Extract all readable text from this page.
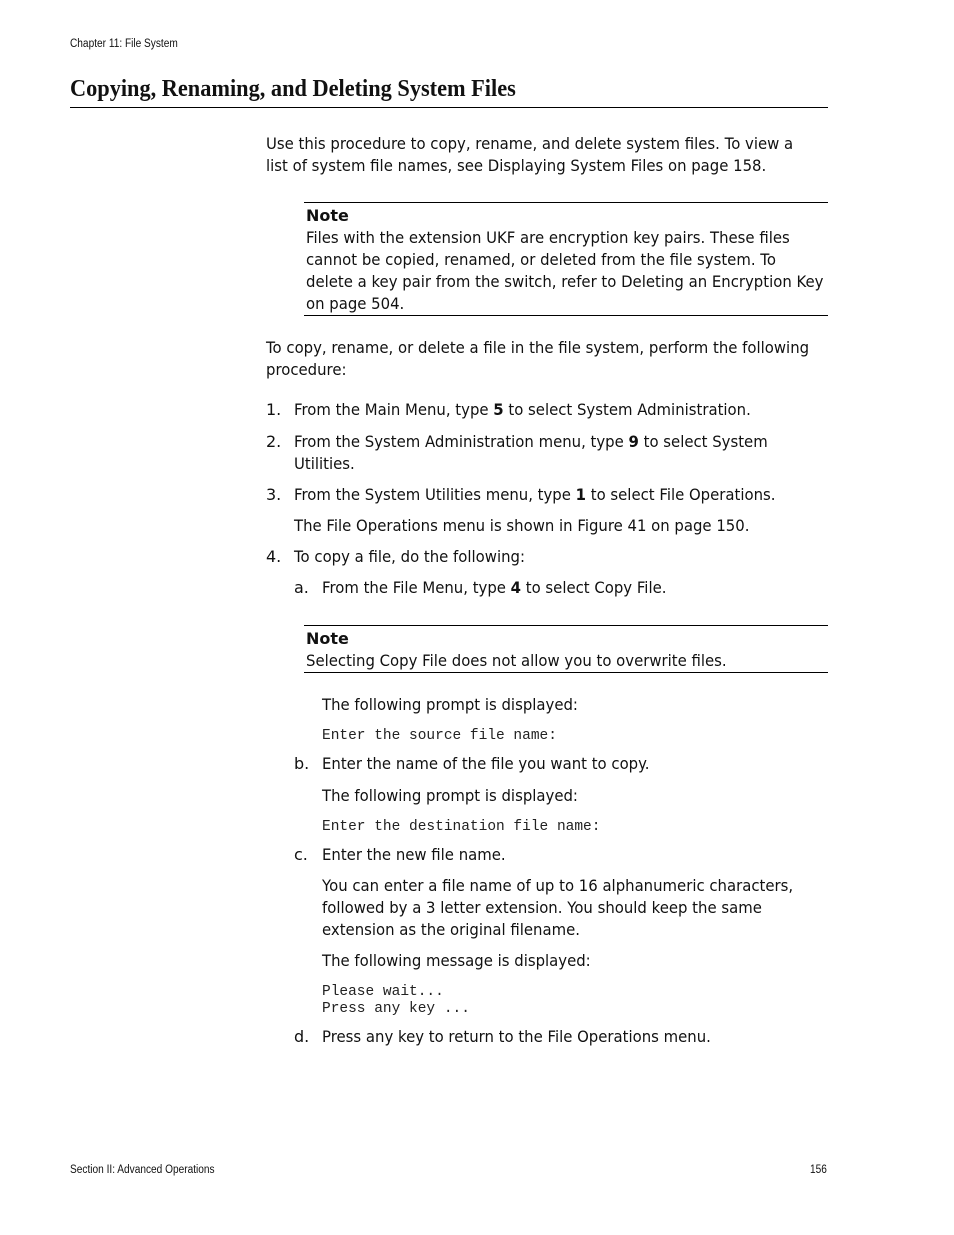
Chapter 11: File System
Copying, Renaming, and Deleting System Files
Use this procedure to copy, rename, and delete system files. To view a
list of system file names, see Displaying System Files on page 158.
Note
Files with the extension UKF are encryption key pairs. These files
cannot be copied, renamed, or deleted from the file system. To
delete a key pair from the switch, refer to Deleting an Encryption Key
on page 504.
To copy, rename, or delete a file in the file system, perform the following
procedure:
1. From the Main Menu, type 5 to select System Administration.
2. From the System Administration menu, type 9 to select System
Utilities.
3. From the System Utilities menu, type 1 to select File Operations.
The File Operations menu is shown in Figure 41 on page 150.
4. To copy a file, do the following:
a. From the File Menu, type 4 to select Copy File.
Note
Selecting Copy File does not allow you to overwrite files.
The following prompt is displayed:
Enter the source file name:
b. Enter the name of the file you want to copy.
The following prompt is displayed:
Enter the destination file name:
c. Enter the new file name.
You can enter a file name of up to 16 alphanumeric characters,
followed by a 3 letter extension. You should keep the same
extension as the original filename.
The following message is displayed:
Please wait...
Press any key ...
d. Press any key to return to the File Operations menu.
Section II: Advanced Operations	156
